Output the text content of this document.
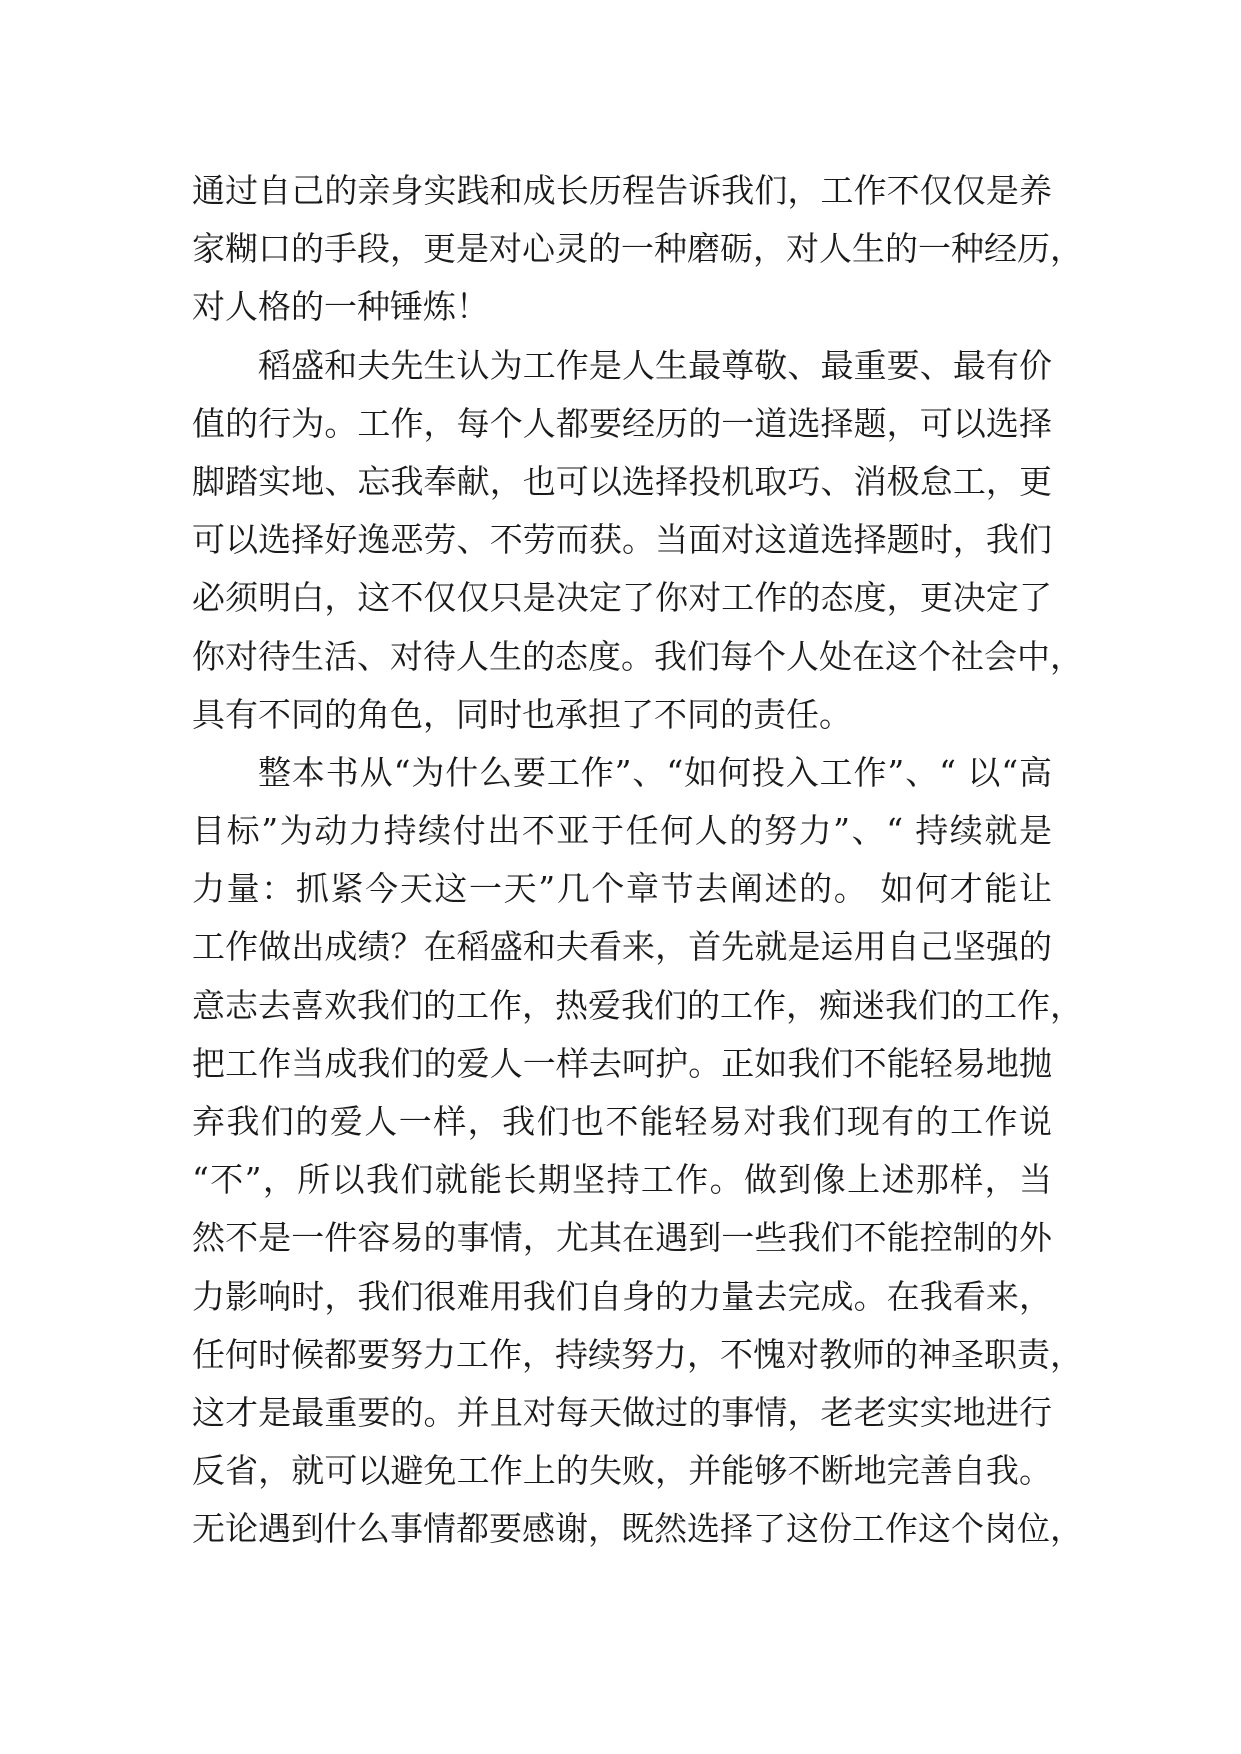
通过自己的亲身实践和成长历程告诉我们，工作不仅仅是养
家糊口的手段，更是对心灵的一种磨砺，对人生的一种经历，
对人格的一种锤炼！
稻盛和夫先生认为工作是人生最尊敬、最重要、最有价
值的行为。工作，每个人都要经历的一道选择题，可以选择
脚踏实地、忘我奉献，也可以选择投机取巧、消极怠工，更
可以选择好逸恶劳、不劳而获。当面对这道选择题时，我们
必须明白，这不仅仅只是决定了你对工作的态度，更决定了
你对待生活、对待人生的态度。我们每个人处在这个社会中，
具有不同的角色，同时也承担了不同的责任。
整本书从“为什么要工作”、“如何投入工作”、“ 以“高
目标”为动力持续付出不亚于任何人的努力”、“ 持续就是
力量：抓紧今天这一天”几个章节去阐述的。 如何才能让
工作做出成绩？在稻盛和夫看来，首先就是运用自己坚强的
意志去喜欢我们的工作，热爱我们的工作，痴迷我们的工作，
把工作当成我们的爱人一样去呵护。正如我们不能轻易地抛
弃我们的爱人一样，我们也不能轻易对我们现有的工作说
“不”，所以我们就能长期坚持工作。做到像上述那样，当
然不是一件容易的事情，尤其在遇到一些我们不能控制的外
力影响时，我们很难用我们自身的力量去完成。在我看来，
任何时候都要努力工作，持续努力，不愧对教师的神圣职责，
这才是最重要的。并且对每天做过的事情，老老实实地进行
反省，就可以避免工作上的失败，并能够不断地完善自我。
无论遇到什么事情都要感谢，既然选择了这份工作这个岗位，
